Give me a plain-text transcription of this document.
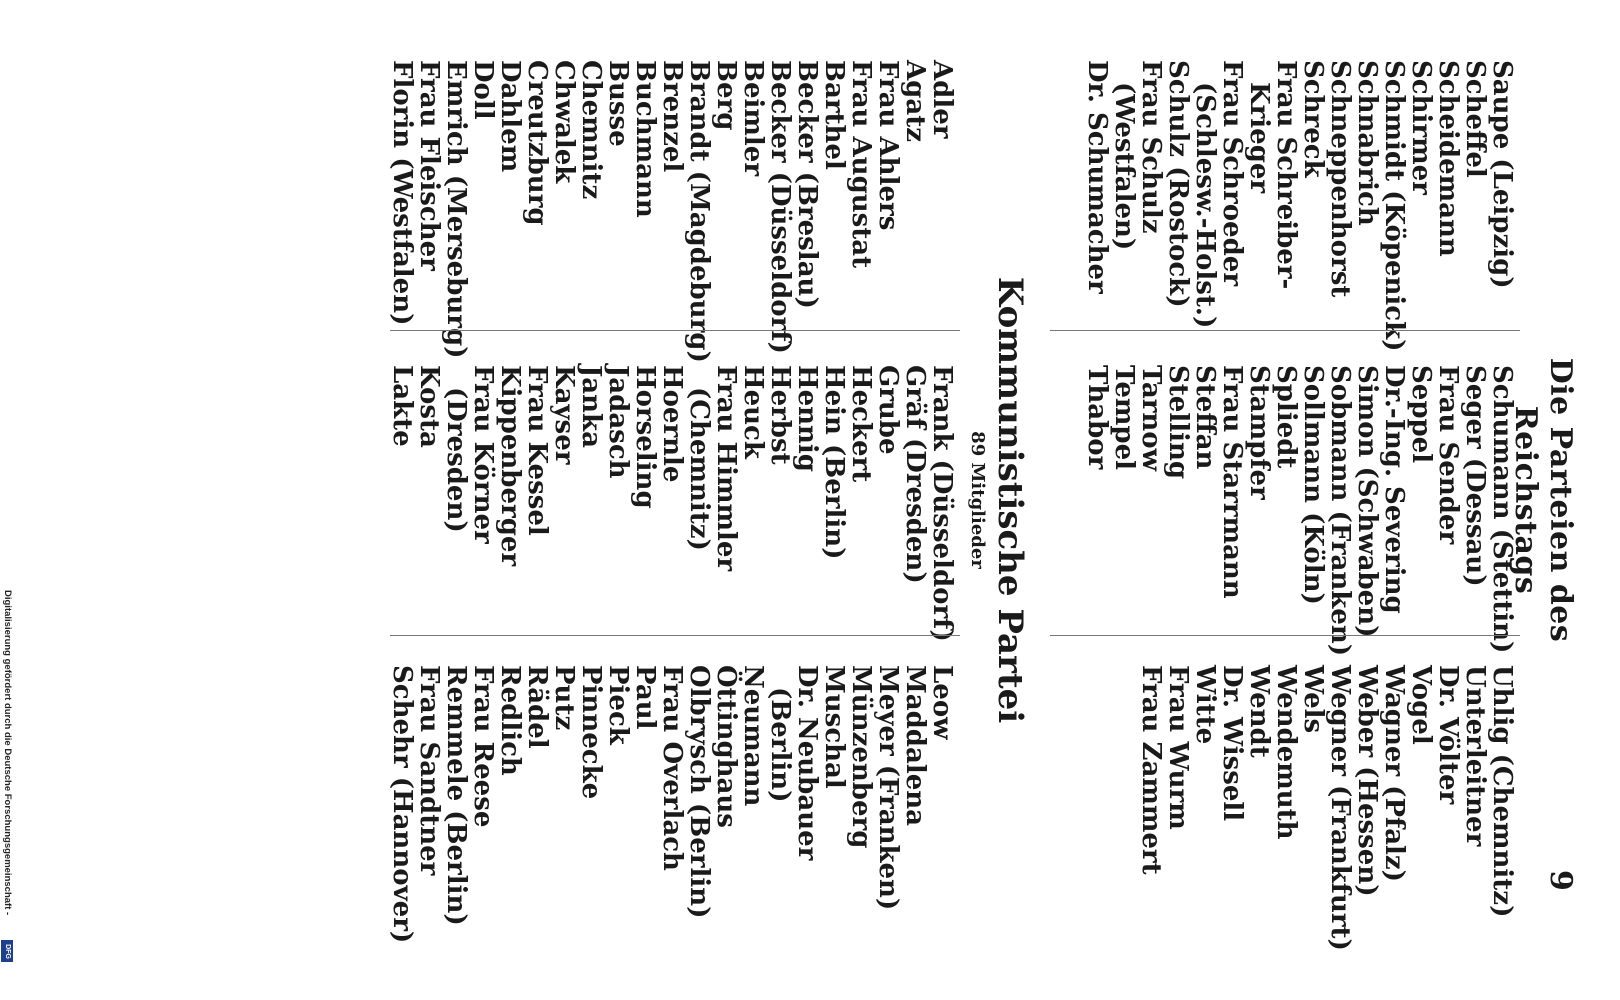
Die Parteien des Reichstags
9
Saupe (Leipzig)
Scheffel
Scheidemann
Schirmer
Schmidt (Köpenick)
Schnabrich
Schneppenhorst
Schreck
Frau Schreiber-
Krieger
Frau Schroeder
(Schlesw.-Holst.)
Schulz (Rostock)
Frau Schulz
(Westfalen)
Dr. Schumacher
Schumann (Stettin)
Seger (Dessau)
Frau Sender
Seppel
Dr.-Ing. Severing
Simon (Schwaben)
Sobmann (Franken)
Sollmann (Köln)
Spliedt
Stampfer
Frau Starrmann
Steffan
Stelling
Tarnow
Tempel
Thabor
Uhlig (Chemnitz)
Unterleitner
Dr. Völter
Vogel
Wagner (Pfalz)
Weber (Hessen)
Wegner (Frankfurt)
Wels
Wendemuth
Wendt
Dr. Wissell
Witte
Frau Wurm
Frau Zammert
Kommunistische Partei
89 Mitglieder
Adler
Agatz
Frau Ahlers
Frau Augustat
Barthel
Becker (Breslau)
Becker (Düsseldorf)
Beimler
Berg
Brandt (Magdeburg)
Brenzel
Buchmann
Busse
Chemnitz
Chwalek
Creutzburg
Dahlem
Doll
Emrich (Merseburg)
Frau Fleischer
Florin (Westfalen)
Frank (Düsseldorf)
Gräf (Dresden)
Grube
Heckert
Hein (Berlin)
Hennig
Herbst
Heuck
Frau Himmler
(Chemnitz)
Hoernle
Horseling
Jadasch
Janka
Kayser
Frau Kessel
Kippenberger
Frau Körner
(Dresden)
Kosta
Lakte
Leow
Maddalena
Meyer (Franken)
Münzenberg
Muschal
Dr. Neubauer
(Berlin)
Neumann
Öttinghaus
Olbrysch (Berlin)
Frau Overlach
Paul
Pieck
Pinnecke
Putz
Rädel
Redlich
Frau Reese
Remmele (Berlin)
Frau Sandtner
Schehr (Hannover)
Digitalisierung gefördert durch die Deutsche Forschungsgemeinschaft -
DFG
